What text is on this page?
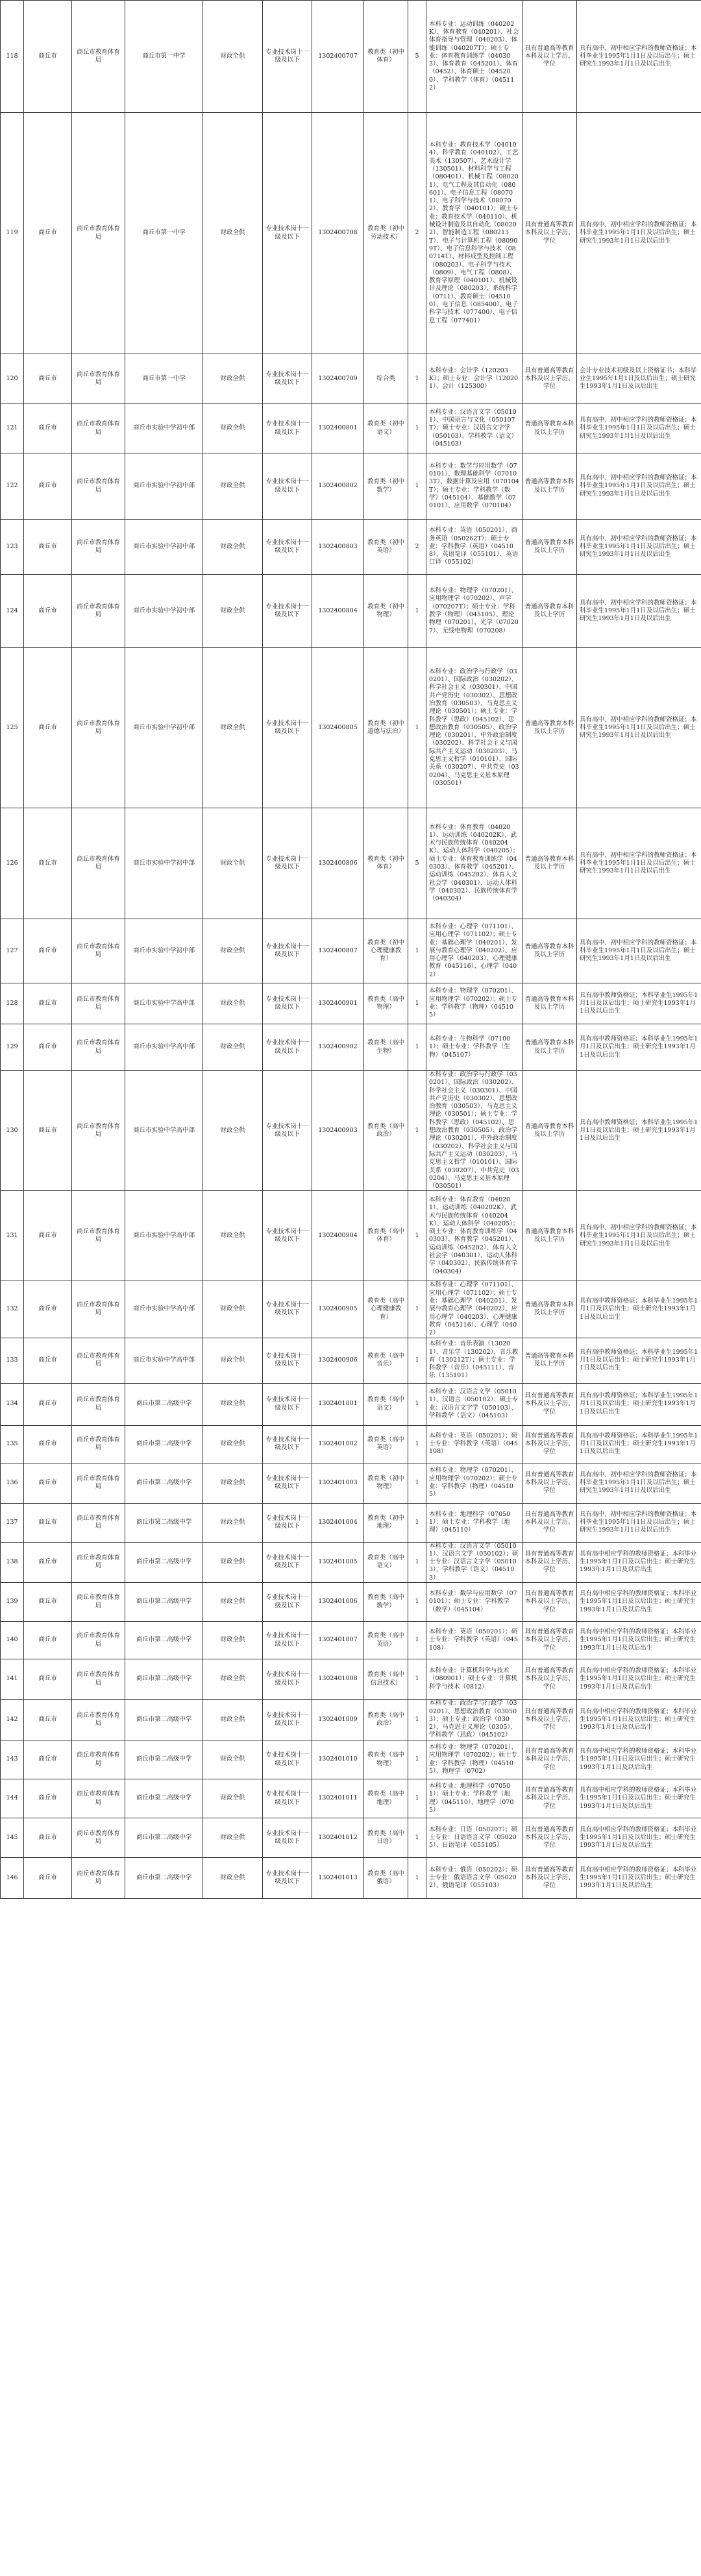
118	商丘市	商丘市教育体育局	商丘市第一中学	财政全供	专业技术岗十一级及以下	1302400707	教育类（初中体育）	5	本科专业：运动训练（040202K）、体育教育（040201）、社会体育指导与管理（040203）、体能训练（040207T）；硕士专业：体育教育训练学（040303）、体育教育（045201）、体育（0452）、体育硕士（045200）、学科教学（体育）（045112）	具有普通高等教育本科及以上学历、学位	具有高中、初中相应学科的教师资格证；本科毕业生1995年1月1日及以后出生；硕士研究生1993年1月1日及以后出生
119	商丘市	商丘市教育体育局	商丘市第一中学	财政全供	专业技术岗十一级及以下	1302400708	教育类（初中劳动技术）	2	本科专业：教育技术学（040104）、科学教育（040102）、工艺美术（130507）、艺术设计学（130501）、材料科学与工程（080401）、机械工程（080201）、电气工程及其自动化（080601）、电子信息工程（080701）、电子科学与技术（080702）、教育学（040101）；硕士专业：教育技术学（040110）、机械设计制造及其自动化（080202）、智能制造工程（080213T）、电子与计算机工程（080909T）、电子信息科学与技术（080714T）、材料成型及控制工程（080203）、电子科学与技术（0809）、电气工程（0808）、教育学原理（040101）、机械设计及理论（080203）、系统科学（0711）、教育硕士（045100）、电子信息（085400）、电子科学与技术（077400）、电子信息工程（077401）	具有普通高等教育本科及以上学历、学位	具有高中、初中相应学科的教师资格证；本科毕业生1995年1月1日及以后出生；硕士研究生1993年1月1日及以后出生
120	商丘市	商丘市教育体育局	商丘市第一中学	财政全供	专业技术岗十一级及以下	1302400709	综合类	1	本科专业：会计学（120203K）；硕士专业：会计学（120201）、会计（125300）	具有普通高等教育本科及以上学历、学位	会计专业技术初级及以上资格证书；本科毕业生1995年1月1日及以后出生；硕士研究生1993年1月1日及以后出生
121	商丘市	商丘市教育体育局	商丘市实验中学初中部	财政全供	专业技术岗十一级及以下	1302400801	教育类（初中语文）	1	本科专业：汉语言文学（050101）、中国语言与文化（050107T）；硕士专业：汉语言文字学（050103）、学科教学（语文）（045103）	普通高等教育本科及以上学历	具有高中、初中相应学科的教师资格证；本科毕业生1995年1月1日及以后出生；硕士研究生1993年1月1日及以后出生
122	商丘市	商丘市教育体育局	商丘市实验中学初中部	财政全供	专业技术岗十一级及以下	1302400802	教育类（初中数学）	1	本科专业：数学与应用数学（070101）、数理基础科学（070103T）、数据计算及应用（070104T）；硕士专业：学科教学（数学）（045104）、基础数学（070101）、应用数学（070104）	普通高等教育本科及以上学历	具有高中、初中相应学科的教师资格证；本科毕业生1995年1月1日及以后出生；硕士研究生1993年1月1日及以后出生
123	商丘市	商丘市教育体育局	商丘市实验中学初中部	财政全供	专业技术岗十一级及以下	1302400803	教育类（初中英语）	2	本科专业：英语（050201）、商务英语（050262T）；硕士专业：学科教学（英语）（045108）、英语笔译（055101）、英语口译（055102）	普通高等教育本科及以上学历	具有高中、初中相应学科的教师资格证；本科毕业生1995年1月1日及以后出生；硕士研究生1993年1月1日及以后出生
124	商丘市	商丘市教育体育局	商丘市实验中学初中部	财政全供	专业技术岗十一级及以下	1302400804	教育类（初中物理）	1	本科专业：物理学（070201）、应用物理学（070202）、声学（070207T）；硕士专业：学科教学（物理）（045105）、理论物理（070201）、光学（070207）、无线电物理（070208）	普通高等教育本科及以上学历	具有高中、初中相应学科的教师资格证；本科毕业生1995年1月1日及以后出生；硕士研究生1993年1月1日及以后出生
125	商丘市	商丘市教育体育局	商丘市实验中学初中部	财政全供	专业技术岗十一级及以下	1302400805	教育类（初中道德与法治）	1	本科专业：政治学与行政学（030201）、国际政治（030202）、科学社会主义（030301）、中国共产党历史（030302）、思想政治教育（030503）、马克思主义理论（030501）；硕士专业：学科教学（思政）（045102）、思想政治教育（030505）、政治学理论（030201）、中外政治制度（030202）、科学社会主义与国际共产主义运动（030203）、马克思主义哲学（010101）、国际关系（030207）、中共党史（030204）、马克思主义基本原理（030501）	普通高等教育本科及以上学历	具有高中、初中相应学科的教师资格证；本科毕业生1995年1月1日及以后出生；硕士研究生1993年1月1日及以后出生
126	商丘市	商丘市教育体育局	商丘市实验中学初中部	财政全供	专业技术岗十一级及以下	1302400806	教育类（初中体育）	5	本科专业：体育教育（040201）、运动训练（040202K）、武术与民族传统体育（040204K）、运动人体科学（040205）；硕士专业：体育教育训练学（040303）、体育教学（045201）、运动训练（045202）、体育人文社会学（040301）、运动人体科学（040302）、民族传统体育学（040304）	普通高等教育本科及以上学历	具有高中、初中相应学科的教师资格证；本科毕业生1995年1月1日及以后出生；硕士研究生1993年1月1日及以后出生
127	商丘市	商丘市教育体育局	商丘市实验中学初中部	财政全供	专业技术岗十一级及以下	1302400807	教育类（初中心理健康教育）	1	本科专业：心理学（071101）、应用心理学（071102）；硕士专业：基础心理学（040201）、发展与教育心理学（040202）、应用心理学（040203）、心理健康教育（045116）、心理学（0402）	普通高等教育本科及以上学历	具有高中、初中相应学科的教师资格证；本科毕业生1995年1月1日及以后出生；硕士研究生1993年1月1日及以后出生
128	商丘市	商丘市教育体育局	商丘市实验中学高中部	财政全供	专业技术岗十一级及以下	1302400901	教育类（高中物理）	1	本科专业：物理学（070201）、应用物理学（070202）；硕士专业：学科教学（物理）（045105）	普通高等教育本科及以上学历	具有高中教师资格证；本科毕业生1995年1月1日及以后出生；硕士研究生1993年1月1日及以后出生
129	商丘市	商丘市教育体育局	商丘市实验中学高中部	财政全供	专业技术岗十一级及以下	1302400902	教育类（高中生物）	1	本科专业：生物科学（071001）；硕士专业：学科教学（生物）（045107）	普通高等教育本科及以上学历	具有高中教师资格证；本科毕业生1995年1月1日及以后出生；硕士研究生1993年1月1日及以后出生
130	商丘市	商丘市教育体育局	商丘市实验中学高中部	财政全供	专业技术岗十一级及以下	1302400903	教育类（高中政治）	1	本科专业：政治学与行政学（030201）、国际政治（030202）、科学社会主义（030301）、中国共产党历史（030302）、思想政治教育（030503）、马克思主义理论（030501）；硕士专业：学科教学（思政）（045102）、思想政治教育（030505）、政治学理论（030201）、中外政治制度（030202）、科学社会主义与国际共产主义运动（030203）、马克思主义哲学（010101）、国际关系（030207）、中共党史（030204）、马克思主义基本原理（030501）	普通高等教育本科及以上学历	具有高中教师资格证；本科毕业生1995年1月1日及以后出生；硕士研究生1993年1月1日及以后出生
131	商丘市	商丘市教育体育局	商丘市实验中学高中部	财政全供	专业技术岗十一级及以下	1302400904	教育类（高中体育）	1	本科专业：体育教育（040201）、运动训练（040202K）、武术与民族传统体育（040204K）、运动人体科学（040205）；硕士专业：体育教育训练学（040303）、体育教学（045201）、运动训练（045202）、体育人文社会学（040301）、运动人体科学（040302）、民族传统体育学（040304）	普通高等教育本科及以上学历	具有高中、初中相应学科的教师资格证；本科毕业生1995年1月1日及以后出生；硕士研究生1993年1月1日及以后出生
132	商丘市	商丘市教育体育局	商丘市实验中学高中部	财政全供	专业技术岗十一级及以下	1302400905	教育类（高中心理健康教育）	1	本科专业：心理学（071101）、应用心理学（071102）；硕士专业：基础心理学（040201）、发展与教育心理学（040202）、应用心理学（040203）、心理健康教育（045116）、心理学（0402）	普通高等教育本科及以上学历	具有高中教师资格证；本科毕业生1995年1月1日及以后出生；硕士研究生1993年1月1日及以后出生
133	商丘市	商丘市教育体育局	商丘市实验中学高中部	财政全供	专业技术岗十一级及以下	1302400906	教育类（高中音乐）	1	本科专业：音乐表演（130201）、音乐学（130202）、音乐教育（130212T）；硕士专业：学科教学（音乐）（045111）、音乐（135101）	普通高等教育本科及以上学历	具有高中教师资格证；本科毕业生1995年1月1日及以后出生；硕士研究生1993年1月1日及以后出生
134	商丘市	商丘市教育体育局	商丘市第二高级中学	财政全供	专业技术岗十一级及以下	1302401001	教育类（高中语文）	1	本科专业：汉语言文学（050101）、汉语言（050102）；硕士专业：汉语言文字学（050103）、学科教学（语文）（045103）	具有普通高等教育本科及以上学历、学位	具有高中教师资格证；本科毕业生1995年1月1日及以后出生；硕士研究生1993年1月1日及以后出生
135	商丘市	商丘市教育体育局	商丘市第二高级中学	财政全供	专业技术岗十一级及以下	1302401002	教育类（高中英语）	1	本科专业：英语（050201）；硕士专业：学科教学（英语）（045108）	具有普通高等教育本科及以上学历、学位	具有高中教师资格证；本科毕业生1995年1月1日及以后出生；硕士研究生1993年1月1日及以后出生
136	商丘市	商丘市教育体育局	商丘市第二高级中学	财政全供	专业技术岗十一级及以下	1302401003	教育类（初中物理）	1	本科专业：物理学（070201）、应用物理学（070202）；硕士专业：学科教学（物理）（045105）	具有普通高等教育本科及以上学历、学位	具有高中、初中相应学科的教师资格证；本科毕业生1995年1月1日及以后出生；硕士研究生1993年1月1日及以后出生
137	商丘市	商丘市教育体育局	商丘市第二高级中学	财政全供	专业技术岗十一级及以下	1302401004	教育类（初中地理）	1	本科专业：地理科学（070501）；硕士专业：学科教学（地理）（045110）	具有普通高等教育本科及以上学历、学位	具有高中、初中相应学科的教师资格证；本科毕业生1995年1月1日及以后出生；硕士研究生1993年1月1日及以后出生
138	商丘市	商丘市教育体育局	商丘市第二高级中学	财政全供	专业技术岗十一级及以下	1302401005	教育类（高中语文）	1	本科专业：汉语言文学（050101）、汉语言文学（050102）；硕士专业：汉语言文字学（050103）、学科教学（语文）（045103）	具有普通高等教育本科及以上学历、学位	具有高中相应学科的教师资格证；本科毕业生1995年1月1日及以后出生；硕士研究生1993年1月1日及以后出生
139	商丘市	商丘市教育体育局	商丘市第二高级中学	财政全供	专业技术岗十一级及以下	1302401006	教育类（高中数学）	1	本科专业：数学与应用数学（070101）；硕士专业：学科教学（数学）（045104）	具有普通高等教育本科及以上学历、学位	具有高中相应学科的教师资格证；本科毕业生1995年1月1日及以后出生；硕士研究生1993年1月1日及以后出生
140	商丘市	商丘市教育体育局	商丘市第二高级中学	财政全供	专业技术岗十一级及以下	1302401007	教育类（高中英语）	1	本科专业：英语（050201）；硕士专业：学科教学（英语）（045108）	具有普通高等教育本科及以上学历、学位	具有高中相应学科的教师资格证；本科毕业生1995年1月1日及以后出生；硕士研究生1993年1月1日及以后出生
141	商丘市	商丘市教育体育局	商丘市第二高级中学	财政全供	专业技术岗十一级及以下	1302401008	教育类（高中信息技术）	1	本科专业：计算机科学与技术（080901）；硕士专业：计算机科学与技术（0812）	具有普通高等教育本科及以上学历、学位	具有高中相应学科的教师资格证；本科毕业生1995年1月1日及以后出生；硕士研究生1993年1月1日及以后出生
142	商丘市	商丘市教育体育局	商丘市第二高级中学	财政全供	专业技术岗十一级及以下	1302401009	教育类（高中政治）	1	本科专业：政治学与行政学（030201）、思想政治教育（030503）；硕士专业：政治学（0302）、马克思主义理论（0305）、学科教学（思政）（045102）	具有普通高等教育本科及以上学历、学位	具有高中相应学科的教师资格证；本科毕业生1995年1月1日及以后出生；硕士研究生1993年1月1日及以后出生
143	商丘市	商丘市教育体育局	商丘市第二高级中学	财政全供	专业技术岗十一级及以下	1302401010	教育类（高中物理）	1	本科专业：物理学（070201）、应用物理学（070202）；硕士专业：学科教学（物理）（045105）、物理学（0702）	具有普通高等教育本科及以上学历、学位	具有高中相应学科的教师资格证；本科毕业生1995年1月1日及以后出生；硕士研究生1993年1月1日及以后出生
144	商丘市	商丘市教育体育局	商丘市第二高级中学	财政全供	专业技术岗十一级及以下	1302401011	教育类（高中地理）	1	本科专业：地理科学（070501）；硕士专业：学科教学（地理）（045110）、地理学（0705）	具有普通高等教育本科及以上学历、学位	具有高中相应学科的教师资格证；本科毕业生1995年1月1日及以后出生；硕士研究生1993年1月1日及以后出生
145	商丘市	商丘市教育体育局	商丘市第二高级中学	财政全供	专业技术岗十一级及以下	1302401012	教育类（高中日语）	1	本科专业：日语（050207）；硕士专业：日语语言文学（050205）、日语笔译（055105）	具有普通高等教育本科及以上学历、学位	具有高中相应学科的教师资格证；本科毕业生1995年1月1日及以后出生；硕士研究生1993年1月1日及以后出生
146	商丘市	商丘市教育体育局	商丘市第二高级中学	财政全供	专业技术岗十一级及以下	1302401013	教育类（高中俄语）	1	本科专业：俄语（050202）；硕士专业：俄语语言文学（050202）、俄语笔译（055103）	具有普通高等教育本科及以上学历、学位	具有高中相应学科的教师资格证；本科毕业生1995年1月1日及以后出生；硕士研究生1993年1月1日及以后出生
